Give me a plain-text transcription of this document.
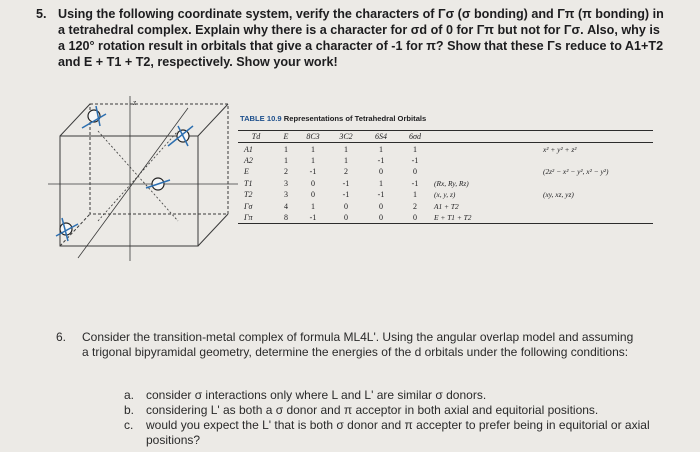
5. Using the following coordinate system, verify the characters of Γσ (σ bonding) and Γπ (π bonding) in a tetrahedral complex. Explain why there is a character for σd of 0 for Γπ but not for Γσ. Also, why is a 120° rotation result in orbitals that give a character of -1 for π? Show that these Γs reduce to A1+T2 and E + T1 + T2, respectively. Show your work!
z
TABLE 10.9 Representations of Tetrahedral Orbitals
Td	E	8C3	3C2	6S4	6σd			
A1	1	1	1	1	1			x² + y² + z²
A2	1	1	1	-1	-1			
E	2	-1	2	0	0			(2z² − x² − y², x² − y²)
T1	3	0	-1	1	-1	(Rx, Ry, Rz)		
T2	3	0	-1	-1	1	(x, y, z)		(xy, xz, yz)
Γσ	4	1	0	0	2	A1 + T2		
Γπ	8	-1	0	0	0	E + T1 + T2		
6. Consider the transition-metal complex of formula ML4L'. Using the angular overlap model and assuming a trigonal bipyramidal geometry, determine the energies of the d orbitals under the following conditions:
a. consider σ interactions only where L and L' are similar σ donors.
b. considering L' as both a σ donor and π acceptor in both axial and equitorial positions.
c. would you expect the L' that is both σ donor and π accepter to prefer being in equitorial or axial positions?
